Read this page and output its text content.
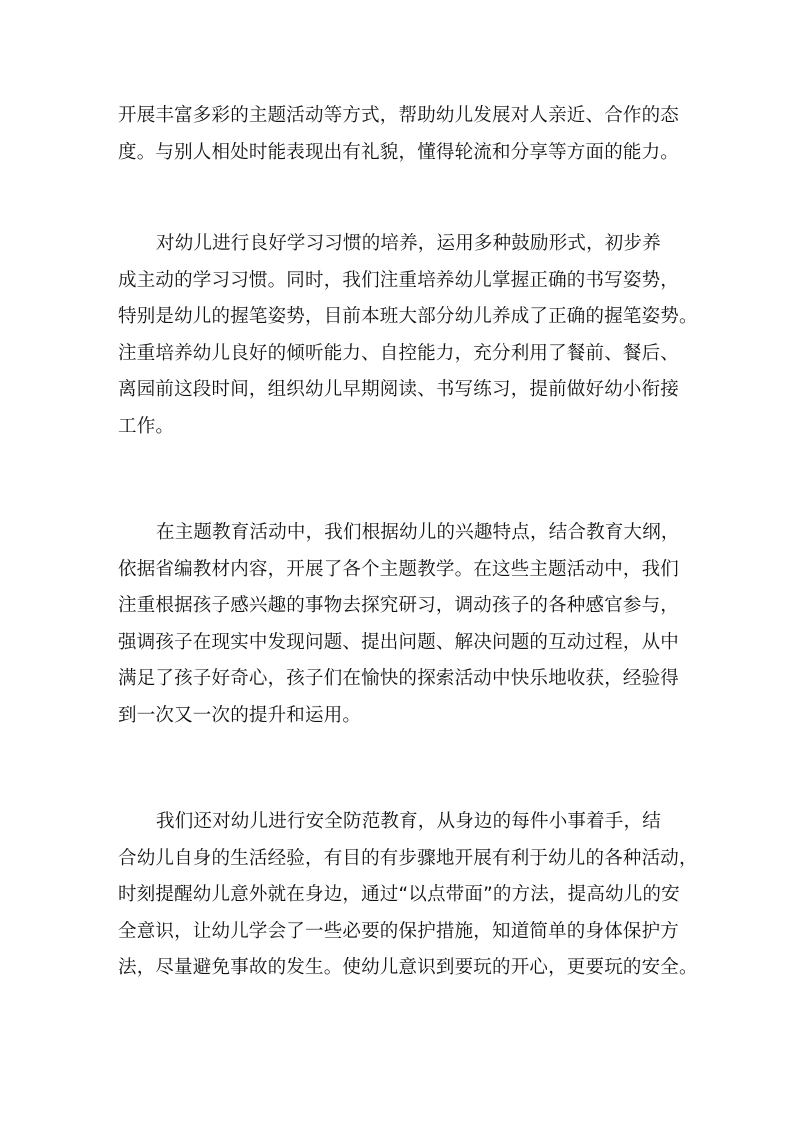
开展丰富多彩的主题活动等方式，帮助幼儿发展对人亲近、合作的态
度。与别人相处时能表现出有礼貌，懂得轮流和分享等方面的能力。
对幼儿进行良好学习习惯的培养，运用多种鼓励形式，初步养
成主动的学习习惯。同时，我们注重培养幼儿掌握正确的书写姿势，
特别是幼儿的握笔姿势，目前本班大部分幼儿养成了正确的握笔姿势。
注重培养幼儿良好的倾听能力、自控能力，充分利用了餐前、餐后、
离园前这段时间，组织幼儿早期阅读、书写练习，提前做好幼小衔接
工作。
在主题教育活动中，我们根据幼儿的兴趣特点，结合教育大纲，
依据省编教材内容，开展了各个主题教学。在这些主题活动中，我们
注重根据孩子感兴趣的事物去探究研习，调动孩子的各种感官参与，
强调孩子在现实中发现问题、提出问题、解决问题的互动过程，从中
满足了孩子好奇心，孩子们在愉快的探索活动中快乐地收获，经验得
到一次又一次的提升和运用。
我们还对幼儿进行安全防范教育，从身边的每件小事着手，结
合幼儿自身的生活经验，有目的有步骤地开展有利于幼儿的各种活动，
时刻提醒幼儿意外就在身边，通过“以点带面”的方法，提高幼儿的安
全意识，让幼儿学会了一些必要的保护措施，知道简单的身体保护方
法，尽量避免事故的发生。使幼儿意识到要玩的开心，更要玩的安全。
